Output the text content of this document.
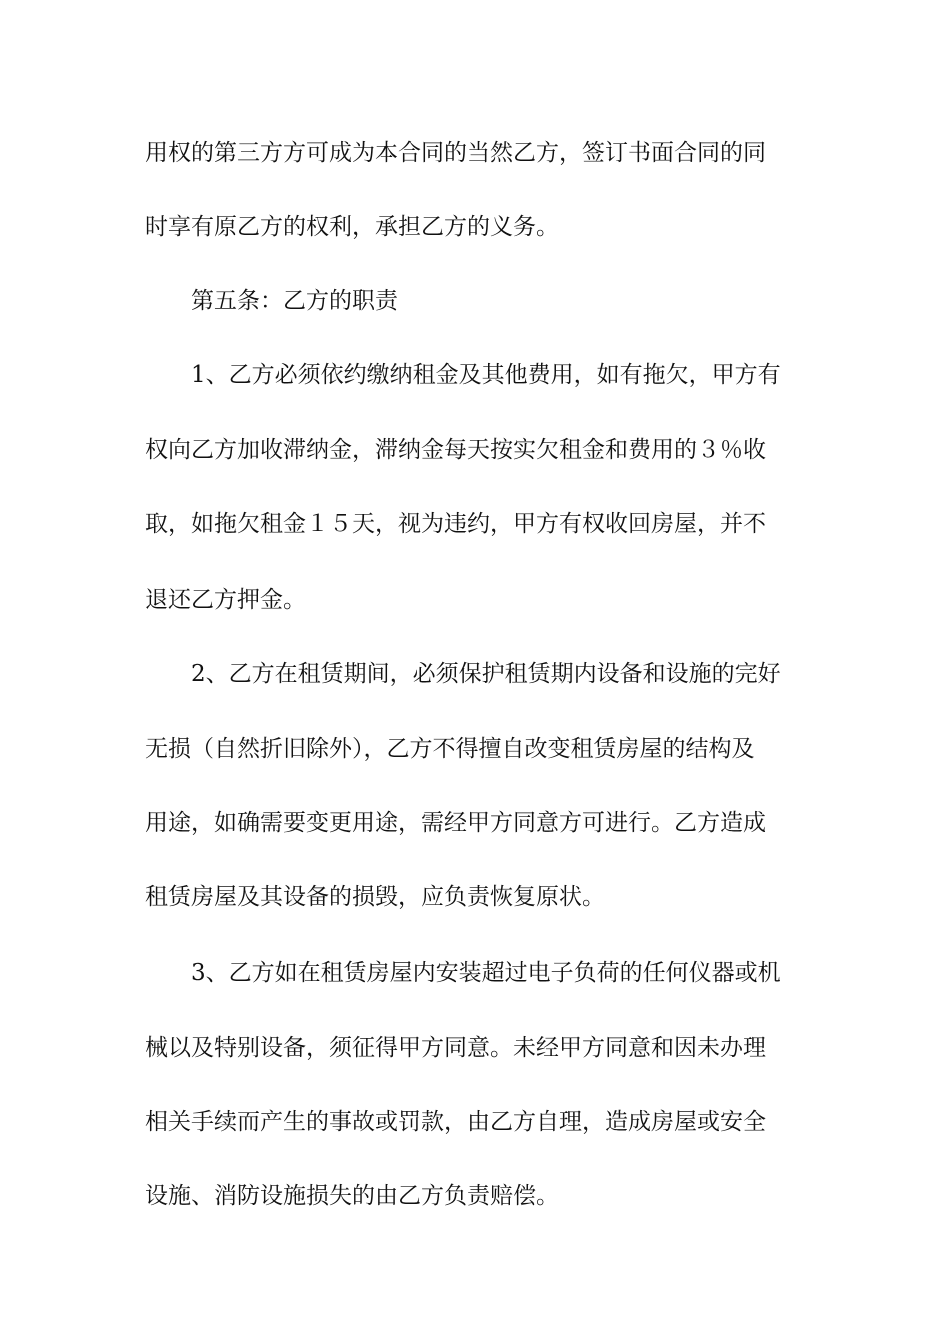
用权的第三方方可成为本合同的当然乙方，签订书面合同的同
时享有原乙方的权利，承担乙方的义务。
第五条：乙方的职责
1、乙方必须依约缴纳租金及其他费用，如有拖欠，甲方有
权向乙方加收滞纳金，滞纳金每天按实欠租金和费用的３％收
取，如拖欠租金１５天，视为违约，甲方有权收回房屋，并不
退还乙方押金。
2、乙方在租赁期间，必须保护租赁期内设备和设施的完好
无损（自然折旧除外），乙方不得擅自改变租赁房屋的结构及
用途，如确需要变更用途，需经甲方同意方可进行。乙方造成
租赁房屋及其设备的损毁，应负责恢复原状。
3、乙方如在租赁房屋内安装超过电子负荷的任何仪器或机
械以及特别设备，须征得甲方同意。未经甲方同意和因未办理
相关手续而产生的事故或罚款，由乙方自理，造成房屋或安全
设施、消防设施损失的由乙方负责赔偿。
